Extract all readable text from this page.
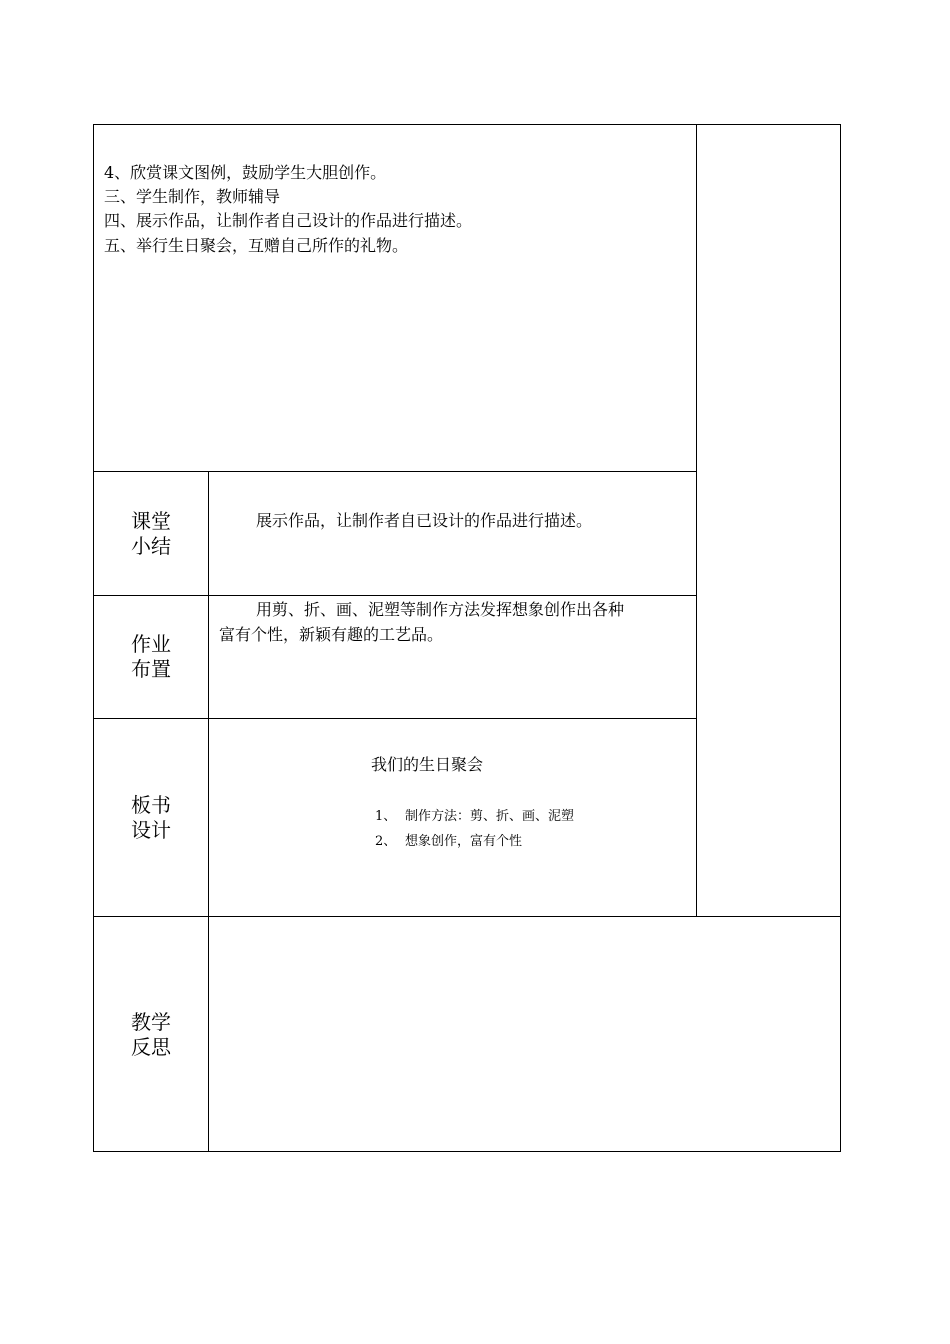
4、欣赏课文图例，鼓励学生大胆创作。
三、学生制作，教师辅导
四、展示作品，让制作者自己设计的作品进行描述。
五、举行生日聚会，互赠自己所作的礼物。
课堂
小结
展示作品，让制作者自已设计的作品进行描述。
作业
布置
用剪、折、画、泥塑等制作方法发挥想象创作出各种
富有个性，新颖有趣的工艺品。
板书
设计
我们的生日聚会
1、 制作方法：剪、折、画、泥塑
2、 想象创作，富有个性
教学
反思
